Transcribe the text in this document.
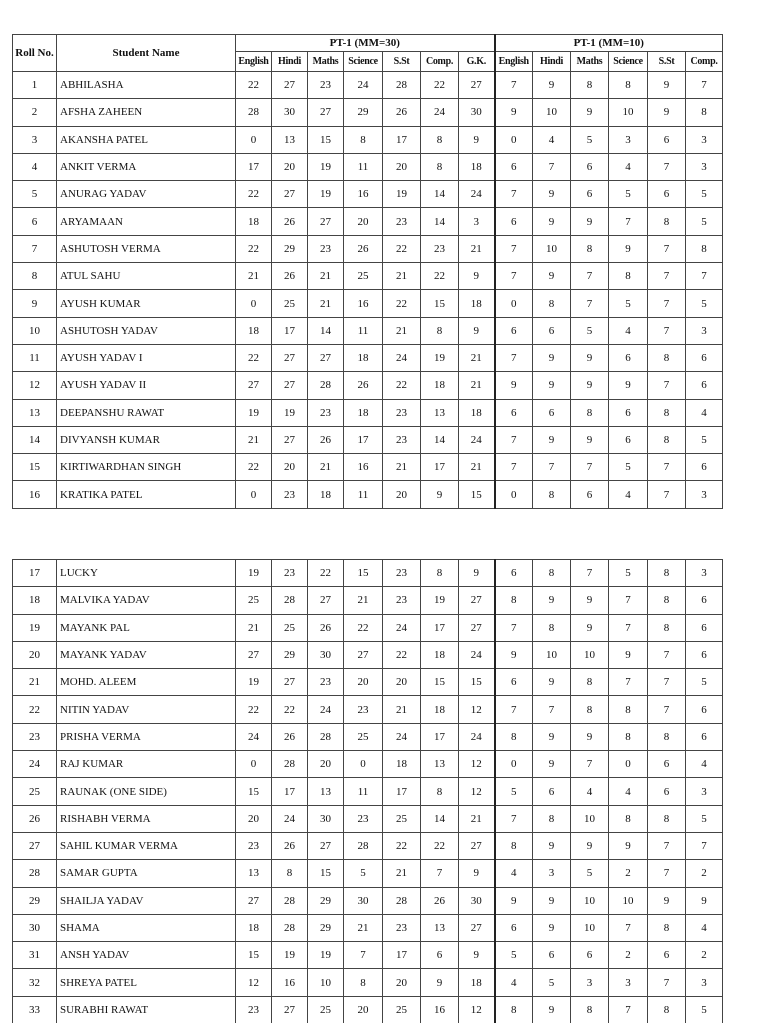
Roll No.	Student Name	PT-1 (MM=30)							PT-1 (MM=10)					
		English	Hindi	Maths	Science	S.St	Comp.	G.K.	English	Hindi	Maths	Science	S.St	Comp.
1	ABHILASHA	22	27	23	24	28	22	27	7	9	8	8	9	7
2	AFSHA ZAHEEN	28	30	27	29	26	24	30	9	10	9	10	9	8
3	AKANSHA PATEL	0	13	15	8	17	8	9	0	4	5	3	6	3
4	ANKIT VERMA	17	20	19	11	20	8	18	6	7	6	4	7	3
5	ANURAG YADAV	22	27	19	16	19	14	24	7	9	6	5	6	5
6	ARYAMAAN	18	26	27	20	23	14	3	6	9	9	7	8	5
7	ASHUTOSH VERMA	22	29	23	26	22	23	21	7	10	8	9	7	8
8	ATUL SAHU	21	26	21	25	21	22	9	7	9	7	8	7	7
9	AYUSH KUMAR	0	25	21	16	22	15	18	0	8	7	5	7	5
10	ASHUTOSH YADAV	18	17	14	11	21	8	9	6	6	5	4	7	3
11	AYUSH YADAV I	22	27	27	18	24	19	21	7	9	9	6	8	6
12	AYUSH YADAV II	27	27	28	26	22	18	21	9	9	9	9	7	6
13	DEEPANSHU RAWAT	19	19	23	18	23	13	18	6	6	8	6	8	4
14	DIVYANSH KUMAR	21	27	26	17	23	14	24	7	9	9	6	8	5
15	KIRTIWARDHAN SINGH	22	20	21	16	21	17	21	7	7	7	5	7	6
16	KRATIKA PATEL	0	23	18	11	20	9	15	0	8	6	4	7	3
17	LUCKY	19	23	22	15	23	8	9	6	8	7	5	8	3
18	MALVIKA YADAV	25	28	27	21	23	19	27	8	9	9	7	8	6
19	MAYANK PAL	21	25	26	22	24	17	27	7	8	9	7	8	6
20	MAYANK YADAV	27	29	30	27	22	18	24	9	10	10	9	7	6
21	MOHD. ALEEM	19	27	23	20	20	15	15	6	9	8	7	7	5
22	NITIN YADAV	22	22	24	23	21	18	12	7	7	8	8	7	6
23	PRISHA VERMA	24	26	28	25	24	17	24	8	9	9	8	8	6
24	RAJ KUMAR	0	28	20	0	18	13	12	0	9	7	0	6	4
25	RAUNAK (ONE SIDE)	15	17	13	11	17	8	12	5	6	4	4	6	3
26	RISHABH VERMA	20	24	30	23	25	14	21	7	8	10	8	8	5
27	SAHIL KUMAR VERMA	23	26	27	28	22	22	27	8	9	9	9	7	7
28	SAMAR GUPTA	13	8	15	5	21	7	9	4	3	5	2	7	2
29	SHAILJA YADAV	27	28	29	30	28	26	30	9	9	10	10	9	9
30	SHAMA	18	28	29	21	23	13	27	6	9	10	7	8	4
31	ANSH YADAV	15	19	19	7	17	6	9	5	6	6	2	6	2
32	SHREYA PATEL	12	16	10	8	20	9	18	4	5	3	3	7	3
33	SURABHI RAWAT	23	27	25	20	25	16	12	8	9	8	7	8	5
